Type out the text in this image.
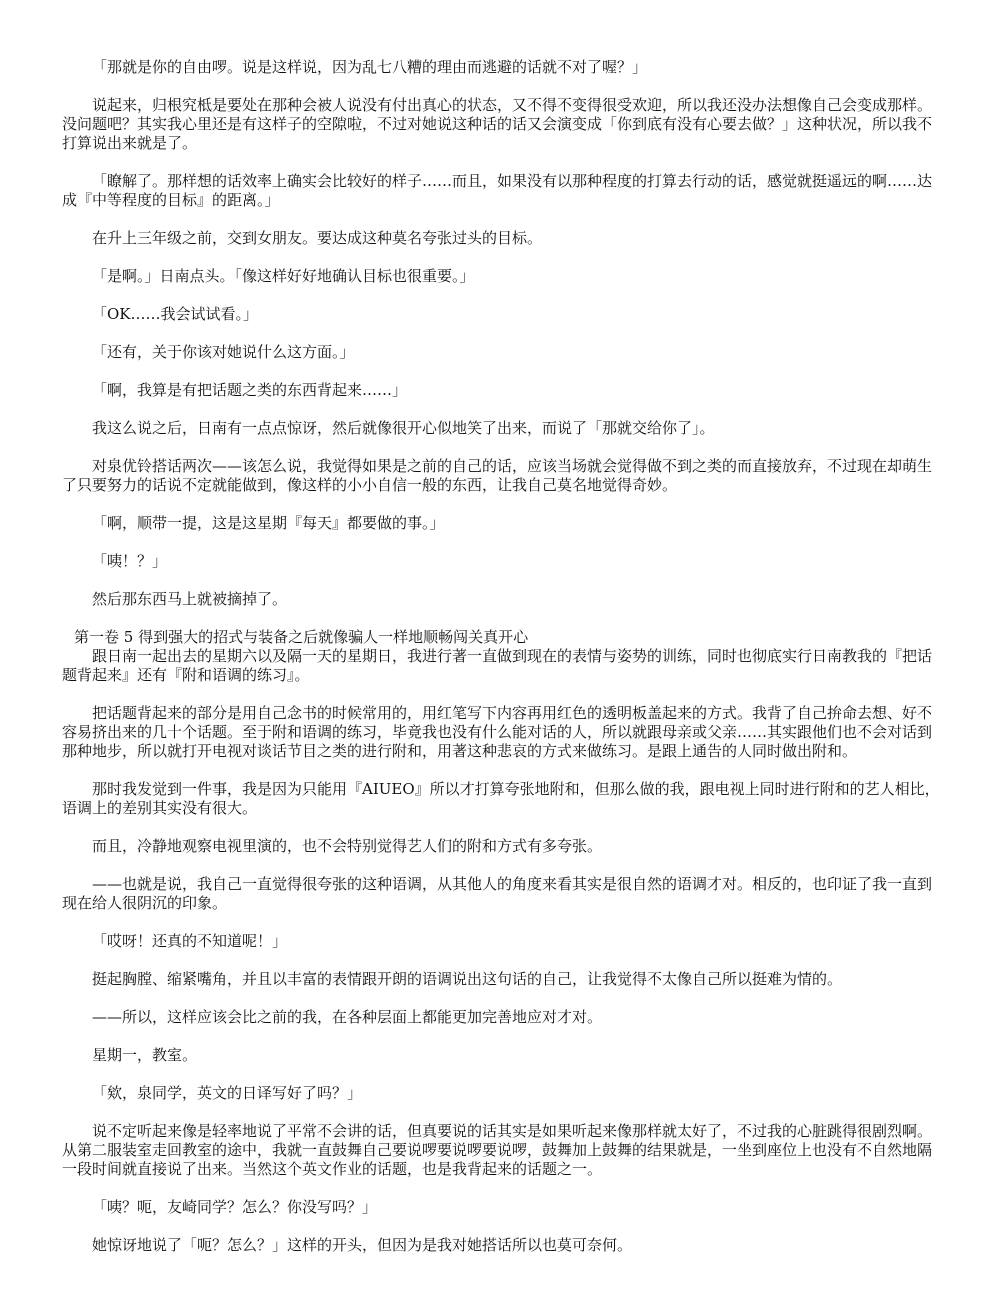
「那就是你的自由啰。说是这样说，因为乱七八糟的理由而逃避的话就不对了喔？」

说起来，归根究柢是要处在那种会被人说没有付出真心的状态，又不得不变得很受欢迎，所以我还没办法想像自己会变成那样。没问题吧？其实我心里还是有这样子的空隙啦，不过对她说这种话的话又会演变成「你到底有没有心要去做？」这种状况，所以我不打算说出来就是了。

「瞭解了。那样想的话效率上确实会比较好的样子……而且，如果没有以那种程度的打算去行动的话，感觉就挺遥远的啊……达成『中等程度的目标』的距离。」

在升上三年级之前，交到女朋友。要达成这种莫名夸张过头的目标。

「是啊。」日南点头。「像这样好好地确认目标也很重要。」

「OK……我会试试看。」

「还有，关于你该对她说什么这方面。」

「啊，我算是有把话题之类的东西背起来……」

我这么说之后，日南有一点点惊讶，然后就像很开心似地笑了出来，而说了「那就交给你了」。

对泉优铃搭话两次——该怎么说，我觉得如果是之前的自己的话，应该当场就会觉得做不到之类的而直接放弃，不过现在却萌生了只要努力的话说不定就能做到，像这样的小小自信一般的东西，让我自己莫名地觉得奇妙。

「啊，顺带一提，这是这星期『每天』都要做的事。」

「咦！？」

然后那东西马上就被摘掉了。

第一卷 5 得到强大的招式与装备之后就像骗人一样地顺畅闯关真开心

跟日南一起出去的星期六以及隔一天的星期日，我进行著一直做到现在的表情与姿势的训练，同时也彻底实行日南教我的『把话题背起来』还有『附和语调的练习』。

把话题背起来的部分是用自己念书的时候常用的，用红笔写下内容再用红色的透明板盖起来的方式。我背了自己拚命去想、好不容易挤出来的几十个话题。至于附和语调的练习，毕竟我也没有什么能对话的人，所以就跟母亲或父亲……其实跟他们也不会对话到那种地步，所以就打开电视对谈话节目之类的进行附和，用著这种悲哀的方式来做练习。是跟上通告的人同时做出附和。

那时我发觉到一件事，我是因为只能用『AIUEO』所以才打算夸张地附和，但那么做的我，跟电视上同时进行附和的艺人相比，语调上的差别其实没有很大。

而且，冷静地观察电视里演的，也不会特别觉得艺人们的附和方式有多夸张。

——也就是说，我自己一直觉得很夸张的这种语调，从其他人的角度来看其实是很自然的语调才对。相反的，也印证了我一直到现在给人很阴沉的印象。

「哎呀！还真的不知道呢！」

挺起胸膛、缩紧嘴角，并且以丰富的表情跟开朗的语调说出这句话的自己，让我觉得不太像自己所以挺难为情的。

——所以，这样应该会比之前的我，在各种层面上都能更加完善地应对才对。

星期一，教室。

「欸，泉同学，英文的日译写好了吗？」

说不定听起来像是轻率地说了平常不会讲的话，但真要说的话其实是如果听起来像那样就太好了，不过我的心脏跳得很剧烈啊。从第二服装室走回教室的途中，我就一直鼓舞自己要说啰要说啰要说啰，鼓舞加上鼓舞的结果就是，一坐到座位上也没有不自然地隔一段时间就直接说了出来。当然这个英文作业的话题，也是我背起来的话题之一。

「咦？呃，友崎同学？怎么？你没写吗？」

她惊讶地说了「呃？怎么？」这样的开头，但因为是我对她搭话所以也莫可奈何。
